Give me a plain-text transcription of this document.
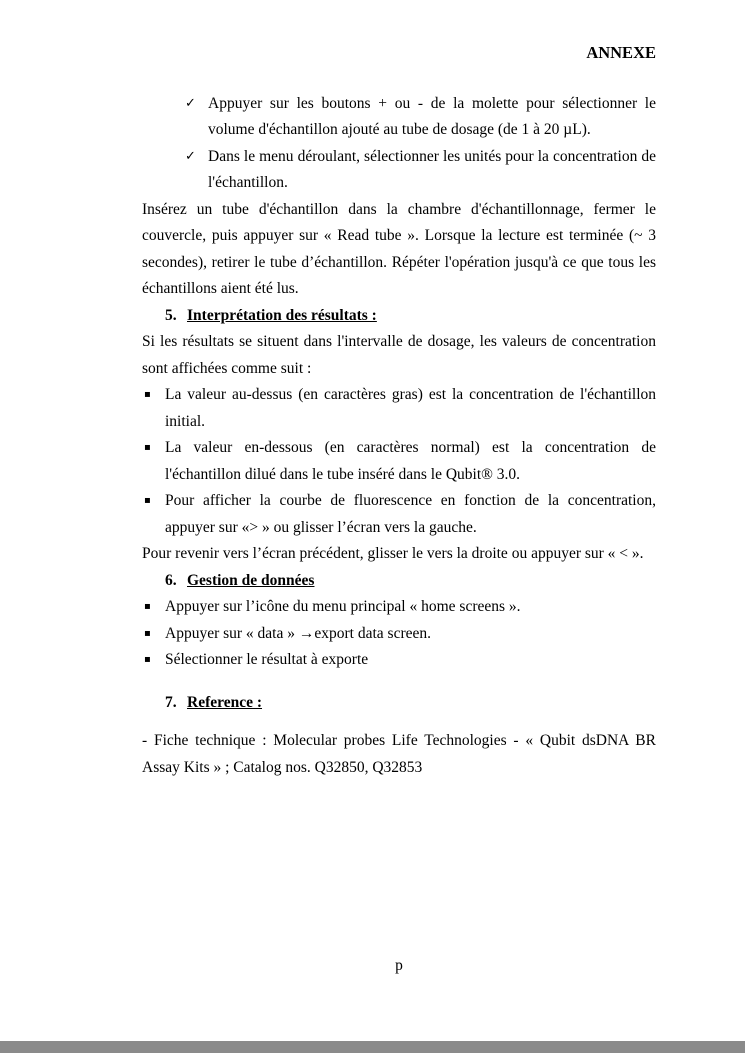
ANNEXE
✓ Appuyer sur les boutons + ou - de la molette pour sélectionner le volume d'échantillon ajouté au tube de dosage (de 1 à 20 µL).
✓ Dans le menu déroulant, sélectionner les unités pour la concentration de l'échantillon.

Insérez un tube d'échantillon dans la chambre d'échantillonnage, fermer le couvercle, puis appuyer sur « Read tube ». Lorsque la lecture est terminée (~ 3 secondes), retirer le tube d’échantillon. Répéter l'opération jusqu'à ce que tous les échantillons aient été lus.

5. Interprétation des résultats :

Si les résultats se situent dans l'intervalle de dosage, les valeurs de concentration sont affichées comme suit :

▪ La valeur au-dessus (en caractères gras) est la concentration de l'échantillon initial.
▪ La valeur en-dessous (en caractères normal) est la concentration de l'échantillon dilué dans le tube inséré dans le Qubit® 3.0.
▪ Pour afficher la courbe de fluorescence en fonction de la concentration, appuyer sur «> » ou glisser l’écran vers la gauche.

Pour revenir vers l’écran précédent, glisser le vers la droite ou appuyer sur « < ».

6. Gestion de données
▪ Appuyer sur l’icône du menu principal « home screens ».
▪ Appuyer sur « data » →export data screen.
▪ Sélectionner le résultat à exporte
7. Reference :

- Fiche technique : Molecular probes Life Technologies - « Qubit dsDNA BR Assay Kits » ; Catalog nos. Q32850, Q32853

p
